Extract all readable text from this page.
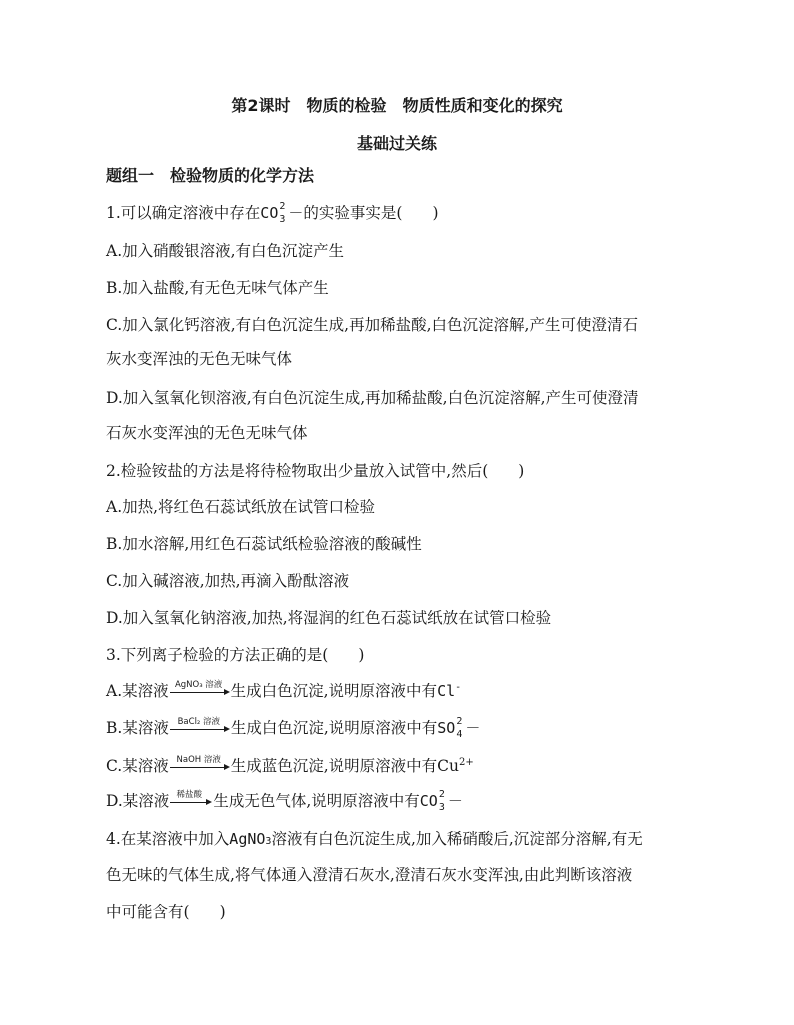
第2课时 物质的检验 物质性质和变化的探究
基础过关练
题组一　检验物质的化学方法
1.可以确定溶液中存在CO 2
3 －的实验事实是( )
A.加入硝酸银溶液,有白色沉淀产生
B.加入盐酸,有无色无味气体产生
C.加入氯化钙溶液,有白色沉淀生成,再加稀盐酸,白色沉淀溶解,产生可使澄清石
灰水变浑浊的无色无味气体
D.加入氢氧化钡溶液,有白色沉淀生成,再加稀盐酸,白色沉淀溶解,产生可使澄清
石灰水变浑浊的无色无味气体
2.检验铵盐的方法是将待检物取出少量放入试管中,然后( )
A.加热,将红色石蕊试纸放在试管口检验
B.加水溶解,用红色石蕊试纸检验溶液的酸碱性
C.加入碱溶液,加热,再滴入酚酞溶液
D.加入氢氧化钠溶液,加热,将湿润的红色石蕊试纸放在试管口检验
3.下列离子检验的方法正确的是( )
A.某溶液 AgNO₃ 溶液 生成白色沉淀,说明原溶液中有Cl-
B.某溶液	BaCl₂ 溶液 生成白色沉淀,说明原溶液中有SO 2
4 －
C.某溶液 NaOH 溶液 生成蓝色沉淀,说明原溶液中有$Cu^{2+}$
D.某溶液 稀盐酸 生成无色气体,说明原溶液中有CO 2
3 －
4.在某溶液中加入AgNO$_3$溶液有白色沉淀生成,加入稀硝酸后,沉淀部分溶解,有无
色无味的气体生成,将气体通入澄清石灰水,澄清石灰水变浑浊,由此判断该溶液
中可能含有( )
